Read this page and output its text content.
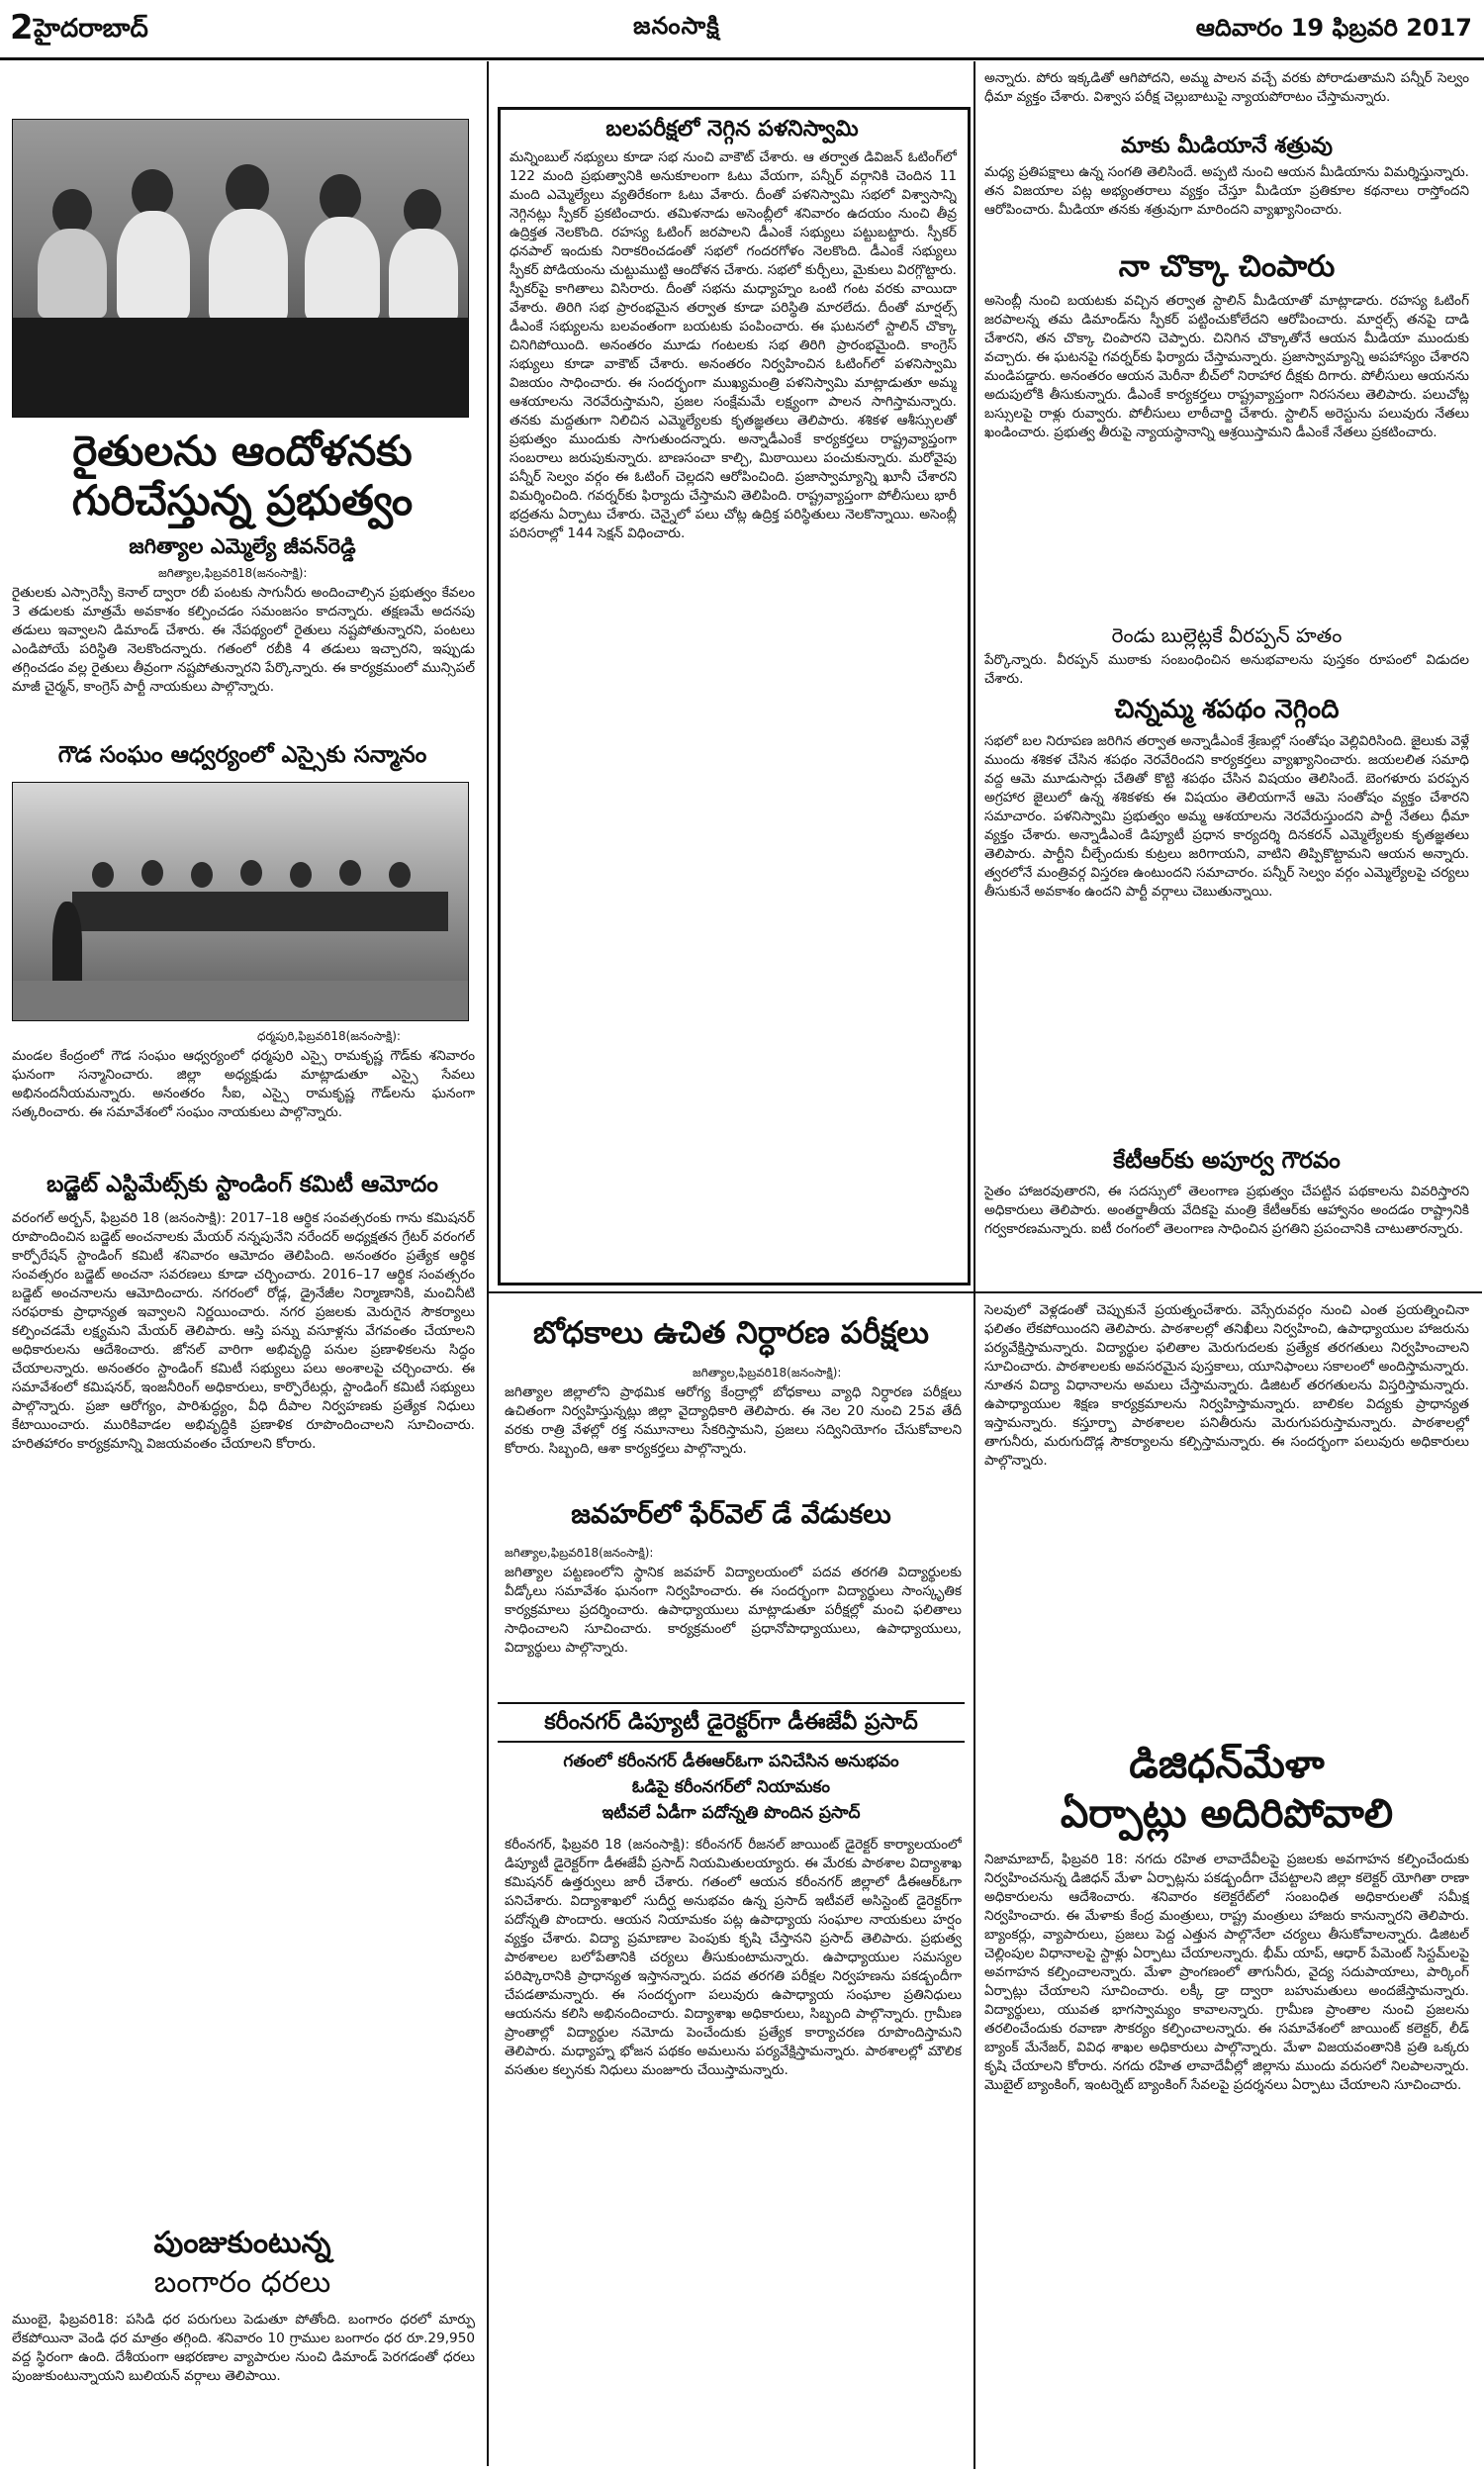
2 హైదరాబాద్	జనంసాక్షి	ఆదివారం 19 ఫిబ్రవరి 2017
రైతులను ఆందోళనకు
గురిచేస్తున్న ప్రభుత్వం
జగిత్యాల ఎమ్మెల్యే జీవన్‌రెడ్డి
జగిత్యాల,ఫిబ్రవరి18(జనంసాక్షి):
రైతులకు ఎస్సారెస్పీ కెనాల్ ద్వారా రబీ పంటకు సాగునీరు అందించాల్సిన ప్రభుత్వం కేవలం 3 తడులకు మాత్రమే అవకాశం కల్పించడం సమంజసం కాదన్నారు. తక్షణమే అదనపు తడులు ఇవ్వాలని డిమాండ్ చేశారు. ఈ నేపథ్యంలో రైతులు నష్టపోతున్నారని, పంటలు ఎండిపోయే పరిస్థితి నెలకొందన్నారు. గతంలో రబీకి 4 తడులు ఇచ్చారని, ఇప్పుడు తగ్గించడం వల్ల రైతులు తీవ్రంగా నష్టపోతున్నారని పేర్కొన్నారు. ఈ కార్యక్రమంలో మున్సిపల్ మాజీ చైర్మన్, కాంగ్రెస్ పార్టీ నాయకులు పాల్గొన్నారు.
గౌడ సంఘం ఆధ్వర్యంలో ఎస్సైకు సన్మానం
ధర్మపురి,ఫిబ్రవరి18(జనంసాక్షి):
మండల కేంద్రంలో గౌడ సంఘం ఆధ్వర్యంలో ధర్మపురి ఎస్సై రామకృష్ణ గౌడ్‌కు శనివారం ఘనంగా సన్మానించారు. జిల్లా అధ్యక్షుడు మాట్లాడుతూ ఎస్సై సేవలు అభినందనీయమన్నారు. అనంతరం సీఐ, ఎస్సై రామకృష్ణ గౌడ్‌లను ఘనంగా సత్కరించారు. ఈ సమావేశంలో సంఘం నాయకులు పాల్గొన్నారు.
బడ్జెట్ ఎస్టిమేట్స్‌కు స్టాండింగ్ కమిటీ ఆమోదం
వరంగల్ అర్బన్, ఫిబ్రవరి 18 (జనంసాక్షి): 2017–18 ఆర్థిక సంవత్సరంకు గాను కమిషనర్ రూపొందించిన బడ్జెట్ అంచనాలకు మేయర్ నన్నపునేని నరేందర్ అధ్యక్షతన గ్రేటర్ వరంగల్ కార్పోరేషన్ స్టాండింగ్ కమిటీ శనివారం ఆమోదం తెలిపింది. అనంతరం ప్రత్యేక ఆర్థిక సంవత్సరం బడ్జెట్ అంచనా సవరణలు కూడా చర్చించారు. 2016–17 ఆర్థిక సంవత్సరం బడ్జెట్ అంచనాలను ఆమోదించారు. నగరంలో రోడ్ల, డ్రైనేజీల నిర్మాణానికి, మంచినీటి సరఫరాకు ప్రాధాన్యత ఇవ్వాలని నిర్ణయించారు. నగర ప్రజలకు మెరుగైన సౌకర్యాలు కల్పించడమే లక్ష్యమని మేయర్ తెలిపారు. ఆస్తి పన్ను వసూళ్లను వేగవంతం చేయాలని అధికారులను ఆదేశించారు. జోనల్ వారిగా అభివృద్ధి పనుల ప్రణాళికలను సిద్ధం చేయాలన్నారు. అనంతరం స్టాండింగ్ కమిటీ సభ్యులు పలు అంశాలపై చర్చించారు. ఈ సమావేశంలో కమిషనర్, ఇంజనీరింగ్ అధికారులు, కార్పొరేటర్లు, స్టాండింగ్ కమిటీ సభ్యులు పాల్గొన్నారు. ప్రజా ఆరోగ్యం, పారిశుద్ధ్యం, వీధి దీపాల నిర్వహణకు ప్రత్యేక నిధులు కేటాయించారు. మురికివాడల అభివృద్ధికి ప్రణాళిక రూపొందించాలని సూచించారు. హరితహారం కార్యక్రమాన్ని విజయవంతం చేయాలని కోరారు.
పుంజుకుంటున్న
బంగారం ధరలు
ముంబై, ఫిబ్రవరి18: పసిడి ధర పరుగులు పెడుతూ పోతోంది. బంగారం ధరలో మార్పు లేకపోయినా వెండి ధర మాత్రం తగ్గింది. శనివారం 10 గ్రాముల బంగారం ధర రూ.29,950 వద్ద స్థిరంగా ఉంది. దేశీయంగా ఆభరణాల వ్యాపారుల నుంచి డిమాండ్ పెరగడంతో ధరలు పుంజుకుంటున్నాయని బులియన్ వర్గాలు తెలిపాయి.
బలపరీక్షలో నెగ్గిన పళనిస్వామి
మన్నింబుల్ నభ్యులు కూడా సభ నుంచి వాకౌట్ చేశారు. ఆ తర్వాత డివిజన్ ఓటింగ్‌లో 122 మంది ప్రభుత్వానికి అనుకూలంగా ఓటు వేయగా, పన్నీర్ వర్గానికి చెందిన 11 మంది ఎమ్మెల్యేలు వ్యతిరేకంగా ఓటు వేశారు. దీంతో పళనిస్వామి సభలో విశ్వాసాన్ని నెగ్గినట్లు స్పీకర్ ప్రకటించారు. తమిళనాడు అసెంబ్లీలో శనివారం ఉదయం నుంచి తీవ్ర ఉద్రిక్తత నెలకొంది. రహస్య ఓటింగ్ జరపాలని డీఎంకే సభ్యులు పట్టుబట్టారు. స్పీకర్ ధనపాల్ ఇందుకు నిరాకరించడంతో సభలో గందరగోళం నెలకొంది. డీఎంకే సభ్యులు స్పీకర్ పోడియంను చుట్టుముట్టి ఆందోళన చేశారు. సభలో కుర్చీలు, మైకులు విరగ్గొట్టారు. స్పీకర్‌పై కాగితాలు విసిరారు. దీంతో సభను మధ్యాహ్నం ఒంటి గంట వరకు వాయిదా వేశారు. తిరిగి సభ ప్రారంభమైన తర్వాత కూడా పరిస్థితి మారలేదు. దీంతో మార్షల్స్ డీఎంకే సభ్యులను బలవంతంగా బయటకు పంపించారు. ఈ ఘటనలో స్టాలిన్ చొక్కా చినిగిపోయింది. అనంతరం మూడు గంటలకు సభ తిరిగి ప్రారంభమైంది. కాంగ్రెస్ సభ్యులు కూడా వాకౌట్ చేశారు. అనంతరం నిర్వహించిన ఓటింగ్‌లో పళనిస్వామి విజయం సాధించారు. ఈ సందర్భంగా ముఖ్యమంత్రి పళనిస్వామి మాట్లాడుతూ అమ్మ ఆశయాలను నెరవేరుస్తామని, ప్రజల సంక్షేమమే లక్ష్యంగా పాలన సాగిస్తామన్నారు. తనకు మద్దతుగా నిలిచిన ఎమ్మెల్యేలకు కృతజ్ఞతలు తెలిపారు. శశికళ ఆశీస్సులతో ప్రభుత్వం ముందుకు సాగుతుందన్నారు. అన్నాడీఎంకే కార్యకర్తలు రాష్ట్రవ్యాప్తంగా సంబరాలు జరుపుకున్నారు. బాణసంచా కాల్చి, మిఠాయిలు పంచుకున్నారు. మరోవైపు పన్నీర్ సెల్వం వర్గం ఈ ఓటింగ్ చెల్లదని ఆరోపించింది. ప్రజాస్వామ్యాన్ని ఖూనీ చేశారని విమర్శించింది. గవర్నర్‌కు ఫిర్యాదు చేస్తామని తెలిపింది. రాష్ట్రవ్యాప్తంగా పోలీసులు భారీ భద్రతను ఏర్పాటు చేశారు. చెన్నైలో పలు చోట్ల ఉద్రిక్త పరిస్థితులు నెలకొన్నాయి. అసెంబ్లీ పరిసరాల్లో 144 సెక్షన్ విధించారు.
అన్నారు. పోరు ఇక్కడితో ఆగిపోదని, అమ్మ పాలన వచ్చే వరకు పోరాడుతామని పన్నీర్ సెల్వం ధీమా వ్యక్తం చేశారు. విశ్వాస పరీక్ష చెల్లుబాటుపై న్యాయపోరాటం చేస్తామన్నారు.
మాకు మీడియానే శత్రువు
మధ్య ప్రతిపక్షాలు ఉన్న సంగతి తెలిసిందే. అప్పటి నుంచి ఆయన మీడియాను విమర్శిస్తున్నారు. తన విజయాల పట్ల అభ్యంతరాలు వ్యక్తం చేస్తూ మీడియా ప్రతికూల కథనాలు రాస్తోందని ఆరోపించారు. మీడియా తనకు శత్రువుగా మారిందని వ్యాఖ్యానించారు.
నా చొక్కా చింపారు
అసెంబ్లీ నుంచి బయటకు వచ్చిన తర్వాత స్టాలిన్ మీడియాతో మాట్లాడారు. రహస్య ఓటింగ్ జరపాలన్న తమ డిమాండ్‌ను స్పీకర్ పట్టించుకోలేదని ఆరోపించారు. మార్షల్స్ తనపై దాడి చేశారని, తన చొక్కా చింపారని చెప్పారు. చినిగిన చొక్కాతోనే ఆయన మీడియా ముందుకు వచ్చారు. ఈ ఘటనపై గవర్నర్‌కు ఫిర్యాదు చేస్తామన్నారు. ప్రజాస్వామ్యాన్ని అపహాస్యం చేశారని మండిపడ్డారు. అనంతరం ఆయన మెరీనా బీచ్‌లో నిరాహార దీక్షకు దిగారు. పోలీసులు ఆయనను అదుపులోకి తీసుకున్నారు. డీఎంకే కార్యకర్తలు రాష్ట్రవ్యాప్తంగా నిరసనలు తెలిపారు. పలుచోట్ల బస్సులపై రాళ్లు రువ్వారు. పోలీసులు లాఠీచార్జి చేశారు. స్టాలిన్ అరెస్టును పలువురు నేతలు ఖండించారు. ప్రభుత్వ తీరుపై న్యాయస్థానాన్ని ఆశ్రయిస్తామని డీఎంకే నేతలు ప్రకటించారు.
రెండు బుల్లెట్లకే వీరప్పన్ హతం
పేర్కొన్నారు. వీరప్పన్ ముఠాకు సంబంధించిన అనుభవాలను పుస్తకం రూపంలో విడుదల చేశారు.
చిన్నమ్మ శపథం నెగ్గింది
సభలో బల నిరూపణ జరిగిన తర్వాత అన్నాడీఎంకే శ్రేణుల్లో సంతోషం వెల్లివిరిసింది. జైలుకు వెళ్లే ముందు శశికళ చేసిన శపథం నెరవేరిందని కార్యకర్తలు వ్యాఖ్యానించారు. జయలలిత సమాధి వద్ద ఆమె మూడుసార్లు చేతితో కొట్టి శపథం చేసిన విషయం తెలిసిందే. బెంగళూరు పరప్పన అగ్రహార జైలులో ఉన్న శశికళకు ఈ విషయం తెలియగానే ఆమె సంతోషం వ్యక్తం చేశారని సమాచారం. పళనిస్వామి ప్రభుత్వం అమ్మ ఆశయాలను నెరవేరుస్తుందని పార్టీ నేతలు ధీమా వ్యక్తం చేశారు. అన్నాడీఎంకే డిప్యూటీ ప్రధాన కార్యదర్శి దినకరన్ ఎమ్మెల్యేలకు కృతజ్ఞతలు తెలిపారు. పార్టీని చీల్చేందుకు కుట్రలు జరిగాయని, వాటిని తిప్పికొట్టామని ఆయన అన్నారు. త్వరలోనే మంత్రివర్గ విస్తరణ ఉంటుందని సమాచారం. పన్నీర్ సెల్వం వర్గం ఎమ్మెల్యేలపై చర్యలు తీసుకునే అవకాశం ఉందని పార్టీ వర్గాలు చెబుతున్నాయి.
కేటీఆర్‌కు అపూర్వ గౌరవం
సైతం హాజరవుతారని, ఈ సదస్సులో తెలంగాణ ప్రభుత్వం చేపట్టిన పథకాలను వివరిస్తారని అధికారులు తెలిపారు. అంతర్జాతీయ వేదికపై మంత్రి కేటీఆర్‌కు ఆహ్వానం అందడం రాష్ట్రానికి గర్వకారణమన్నారు. ఐటీ రంగంలో తెలంగాణ సాధించిన ప్రగతిని ప్రపంచానికి చాటుతారన్నారు.
బోధకాలు ఉచిత నిర్ధారణ పరీక్షలు
జగిత్యాల,ఫిబ్రవరి18(జనంసాక్షి):
జగిత్యాల జిల్లాలోని ప్రాథమిక ఆరోగ్య కేంద్రాల్లో బోధకాలు వ్యాధి నిర్ధారణ పరీక్షలు ఉచితంగా నిర్వహిస్తున్నట్లు జిల్లా వైద్యాధికారి తెలిపారు. ఈ నెల 20 నుంచి 25వ తేదీ వరకు రాత్రి వేళల్లో రక్త నమూనాలు సేకరిస్తామని, ప్రజలు సద్వినియోగం చేసుకోవాలని కోరారు. సిబ్బంది, ఆశా కార్యకర్తలు పాల్గొన్నారు.
జవహర్‌లో ఫేర్‌వెల్ డే వేడుకలు
జగిత్యాల,ఫిబ్రవరి18(జనంసాక్షి):
జగిత్యాల పట్టణంలోని స్థానిక జవహర్ విద్యాలయంలో పదవ తరగతి విద్యార్థులకు వీడ్కోలు సమావేశం ఘనంగా నిర్వహించారు. ఈ సందర్భంగా విద్యార్థులు సాంస్కృతిక కార్యక్రమాలు ప్రదర్శించారు. ఉపాధ్యాయులు మాట్లాడుతూ పరీక్షల్లో మంచి ఫలితాలు సాధించాలని సూచించారు. కార్యక్రమంలో ప్రధానోపాధ్యాయులు, ఉపాధ్యాయులు, విద్యార్థులు పాల్గొన్నారు.
కరీంనగర్ డిప్యూటీ డైరెక్టర్‌గా డీఈజేవీ ప్రసాద్
గతంలో కరీంనగర్ డీఈఆర్‌ఓగా పనిచేసిన అనుభవం
ఓడిపై కరీంనగర్‌లో నియామకం
ఇటీవలే ఏడీగా పదోన్నతి పొందిన ప్రసాద్
కరీంనగర్, ఫిబ్రవరి 18 (జనంసాక్షి): కరీంనగర్ రీజనల్ జాయింట్ డైరెక్టర్ కార్యాలయంలో డిప్యూటీ డైరెక్టర్‌గా డీఈజేవీ ప్రసాద్ నియమితులయ్యారు. ఈ మేరకు పాఠశాల విద్యాశాఖ కమిషనర్ ఉత్తర్వులు జారీ చేశారు. గతంలో ఆయన కరీంనగర్ జిల్లాలో డీఈఆర్‌ఓగా పనిచేశారు. విద్యాశాఖలో సుదీర్ఘ అనుభవం ఉన్న ప్రసాద్ ఇటీవలే అసిస్టెంట్ డైరెక్టర్‌గా పదోన్నతి పొందారు. ఆయన నియామకం పట్ల ఉపాధ్యాయ సంఘాల నాయకులు హర్షం వ్యక్తం చేశారు. విద్యా ప్రమాణాల పెంపుకు కృషి చేస్తానని ప్రసాద్ తెలిపారు. ప్రభుత్వ పాఠశాలల బలోపేతానికి చర్యలు తీసుకుంటామన్నారు. ఉపాధ్యాయుల సమస్యల పరిష్కారానికి ప్రాధాన్యత ఇస్తానన్నారు. పదవ తరగతి పరీక్షల నిర్వహణను పకడ్బందీగా చేపడతామన్నారు. ఈ సందర్భంగా పలువురు ఉపాధ్యాయ సంఘాల ప్రతినిధులు ఆయనను కలిసి అభినందించారు. విద్యాశాఖ అధికారులు, సిబ్బంది పాల్గొన్నారు. గ్రామీణ ప్రాంతాల్లో విద్యార్థుల నమోదు పెంచేందుకు ప్రత్యేక కార్యాచరణ రూపొందిస్తామని తెలిపారు. మధ్యాహ్న భోజన పథకం అమలును పర్యవేక్షిస్తామన్నారు. పాఠశాలల్లో మౌలిక వసతుల కల్పనకు నిధులు మంజూరు చేయిస్తామన్నారు.
సెలవులో వెళ్లడంతో చెప్పుకునే ప్రయత్నంచేశారు. వెస్సేరువర్గం నుంచి ఎంత ప్రయత్నించినా ఫలితం లేకపోయిందని తెలిపారు. పాఠశాలల్లో తనిఖీలు నిర్వహించి, ఉపాధ్యాయుల హాజరును పర్యవేక్షిస్తామన్నారు. విద్యార్థుల ఫలితాల మెరుగుదలకు ప్రత్యేక తరగతులు నిర్వహించాలని సూచించారు. పాఠశాలలకు అవసరమైన పుస్తకాలు, యూనిఫాంలు సకాలంలో అందిస్తామన్నారు. నూతన విద్యా విధానాలను అమలు చేస్తామన్నారు. డిజిటల్ తరగతులను విస్తరిస్తామన్నారు. ఉపాధ్యాయుల శిక్షణ కార్యక్రమాలను నిర్వహిస్తామన్నారు. బాలికల విద్యకు ప్రాధాన్యత ఇస్తామన్నారు. కస్తూర్బా పాఠశాలల పనితీరును మెరుగుపరుస్తామన్నారు. పాఠశాలల్లో తాగునీరు, మరుగుదొడ్ల సౌకర్యాలను కల్పిస్తామన్నారు. ఈ సందర్భంగా పలువురు అధికారులు పాల్గొన్నారు.
డిజిధన్‌మేళా
ఏర్పాట్లు అదిరిపోవాలి
నిజామాబాద్, ఫిబ్రవరి 18: నగదు రహిత లావాదేవీలపై ప్రజలకు అవగాహన కల్పించేందుకు నిర్వహించనున్న డిజిధన్ మేళా ఏర్పాట్లను పకడ్బందీగా చేపట్టాలని జిల్లా కలెక్టర్ యోగితా రాణా అధికారులను ఆదేశించారు. శనివారం కలెక్టరేట్‌లో సంబంధిత అధికారులతో సమీక్ష నిర్వహించారు. ఈ మేళాకు కేంద్ర మంత్రులు, రాష్ట్ర మంత్రులు హాజరు కానున్నారని తెలిపారు. బ్యాంకర్లు, వ్యాపారులు, ప్రజలు పెద్ద ఎత్తున పాల్గొనేలా చర్యలు తీసుకోవాలన్నారు. డిజిటల్ చెల్లింపుల విధానాలపై స్టాళ్లు ఏర్పాటు చేయాలన్నారు. భీమ్ యాప్, ఆధార్ పేమెంట్ సిస్టమ్‌లపై అవగాహన కల్పించాలన్నారు. మేళా ప్రాంగణంలో తాగునీరు, వైద్య సదుపాయాలు, పార్కింగ్ ఏర్పాట్లు చేయాలని సూచించారు. లక్కీ డ్రా ద్వారా బహుమతులు అందజేస్తామన్నారు. విద్యార్థులు, యువత భాగస్వామ్యం కావాలన్నారు. గ్రామీణ ప్రాంతాల నుంచి ప్రజలను తరలించేందుకు రవాణా సౌకర్యం కల్పించాలన్నారు. ఈ సమావేశంలో జాయింట్ కలెక్టర్, లీడ్ బ్యాంక్ మేనేజర్, వివిధ శాఖల అధికారులు పాల్గొన్నారు. మేళా విజయవంతానికి ప్రతి ఒక్కరు కృషి చేయాలని కోరారు. నగదు రహిత లావాదేవీల్లో జిల్లాను ముందు వరుసలో నిలపాలన్నారు. మొబైల్ బ్యాంకింగ్, ఇంటర్నెట్ బ్యాంకింగ్ సేవలపై ప్రదర్శనలు ఏర్పాటు చేయాలని సూచించారు.
